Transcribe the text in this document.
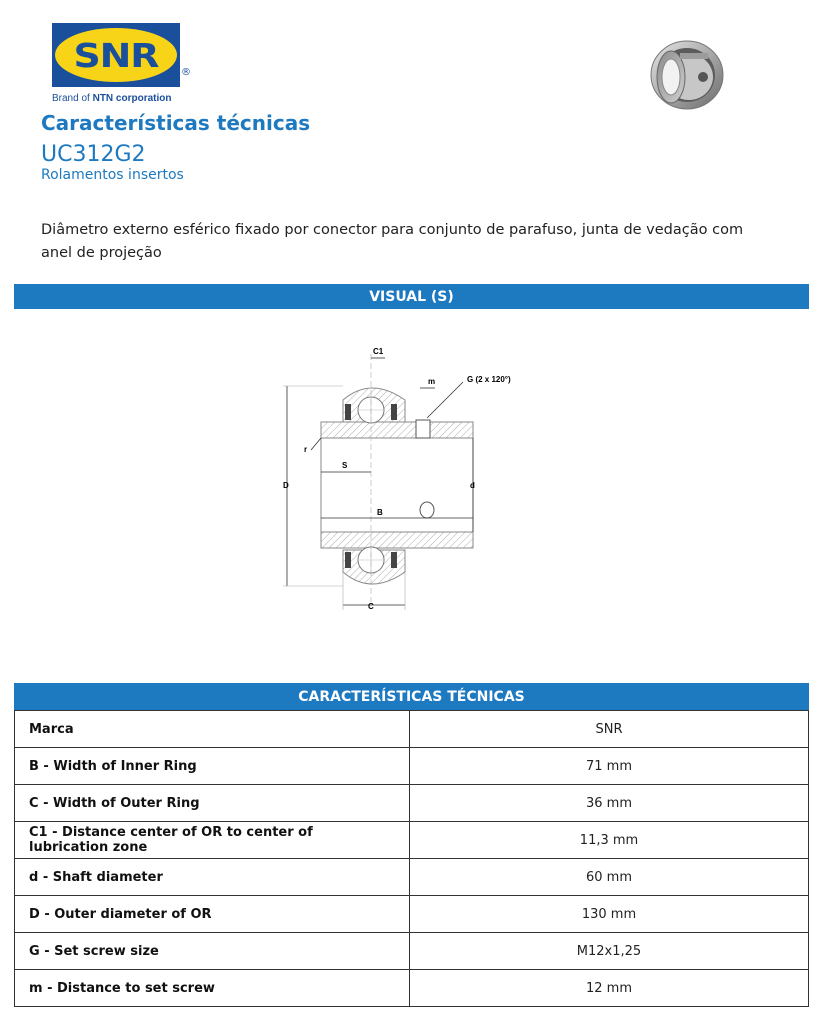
SNR ®
Brand of NTN corporation
Características técnicas
UC312G2
Rolamentos insertos
Diâmetro externo esférico fixado por conector para conjunto de parafuso, junta de vedação com anel de projeção
VISUAL (S)
C1
m	G (2 x 120°)
r
S
D	d
B
C
CARACTERÍSTICAS TÉCNICAS
Marca	SNR
B - Width of Inner Ring	71 mm
C - Width of Outer Ring	36 mm
C1 - Distance center of OR to center of lubrication zone	11,3 mm
d - Shaft diameter	60 mm
D - Outer diameter of OR	130 mm
G - Set screw size	M12x1,25
m - Distance to set screw	12 mm
